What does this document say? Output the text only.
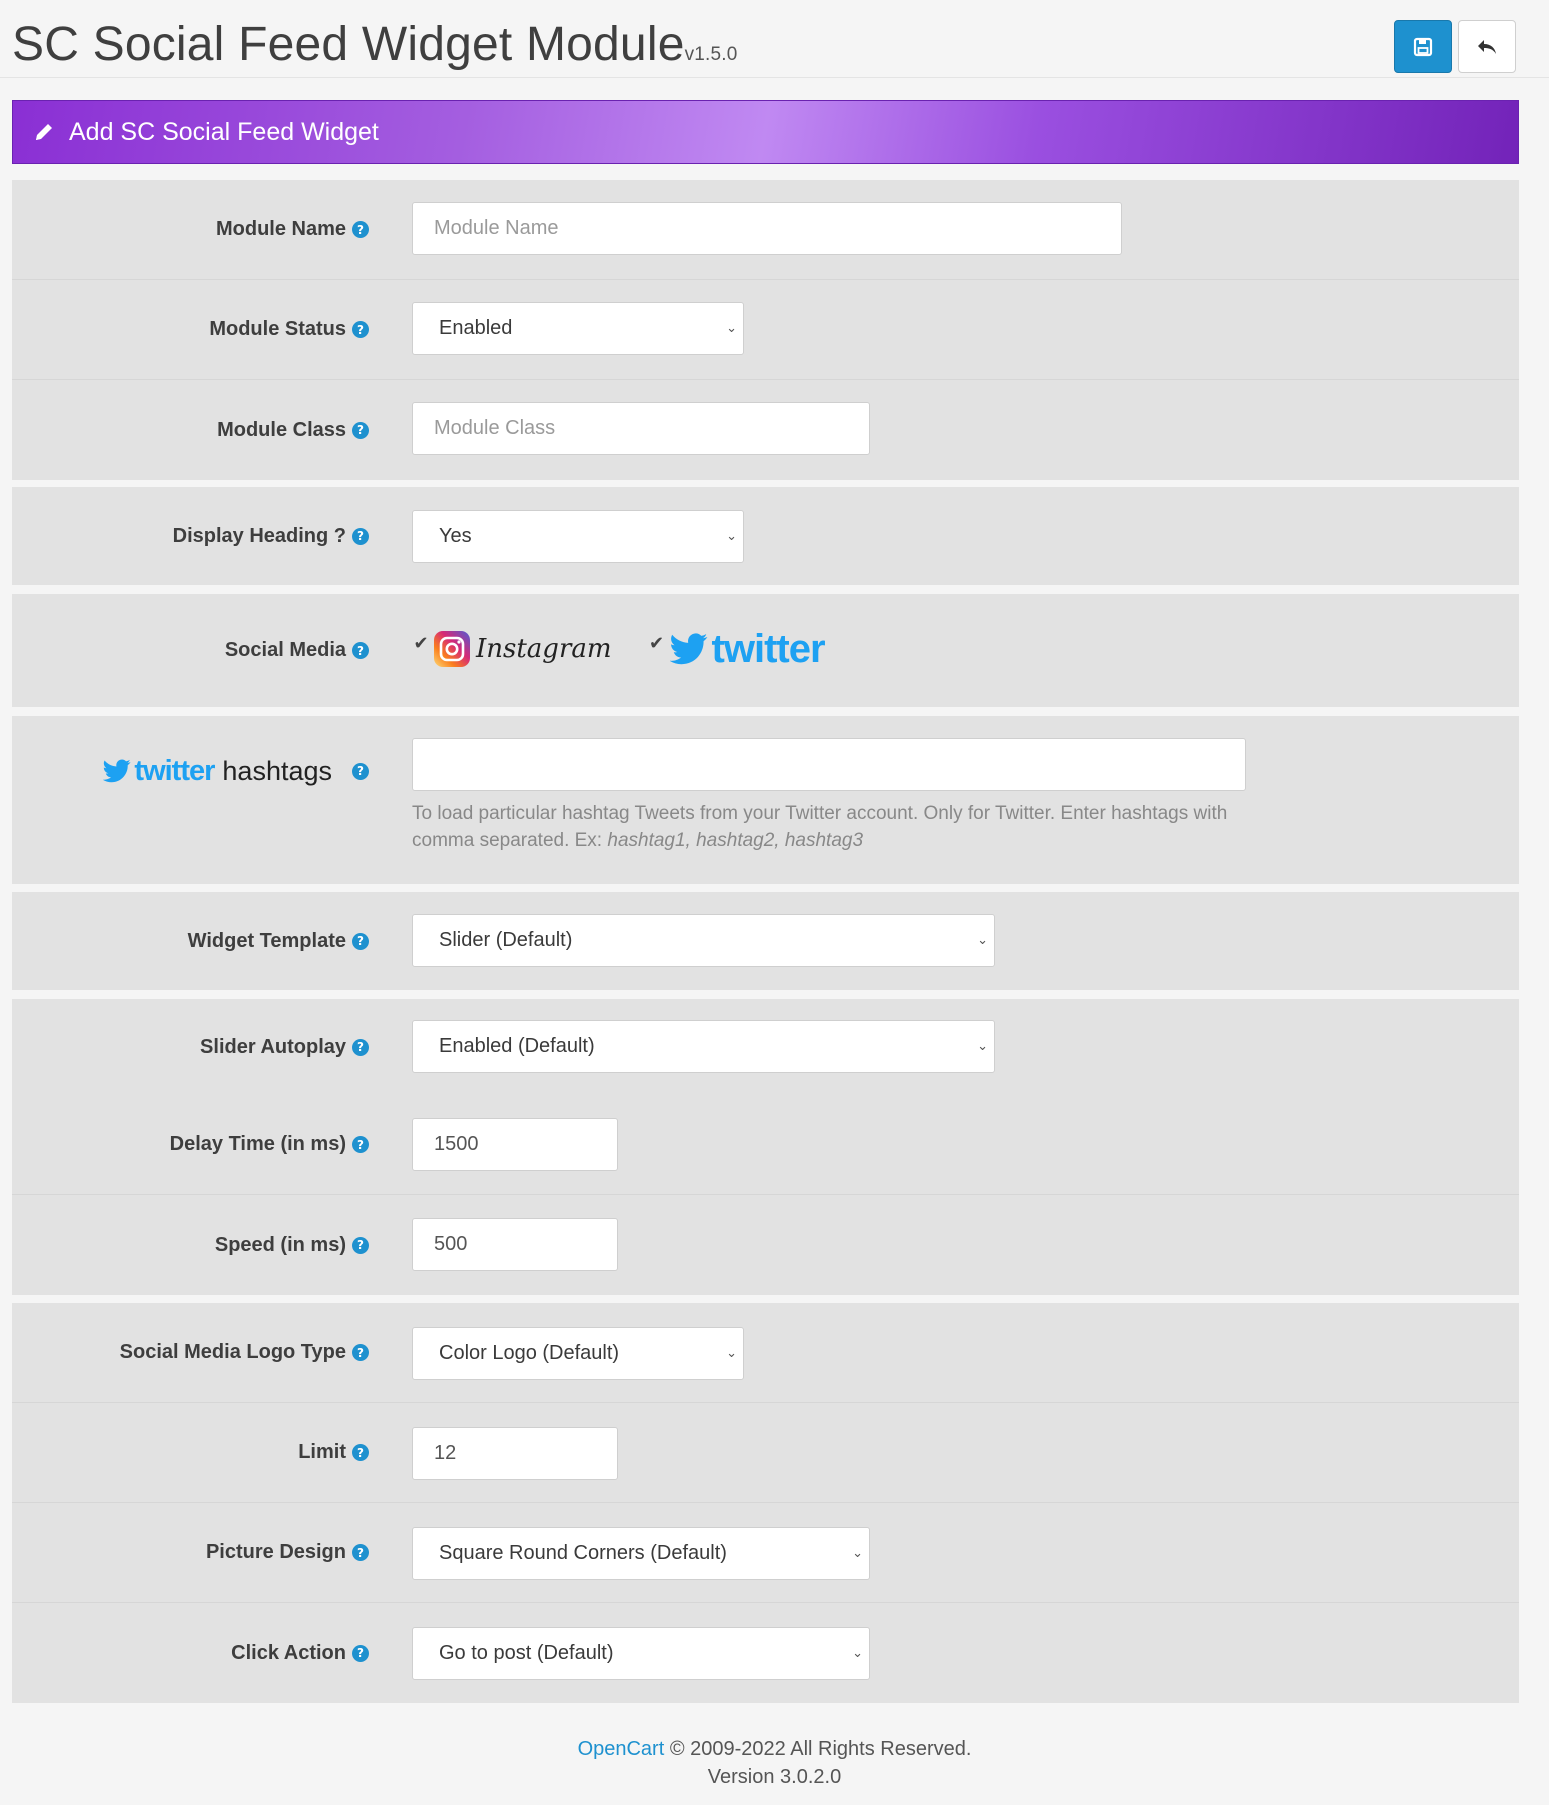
SC Social Feed Widget Modulev1.5.0
Add SC Social Feed Widget
Module Name ?	Module Name
Module Status ?	Enabled	⌄
Module Class ?	Module Class
Display Heading ? ?	Yes	⌄
Social Media ?	✔ Instagram ✔ twitter
twitter hashtags	?
To load particular hashtag Tweets from your Twitter account. Only for Twitter. Enter hashtags with comma separated. Ex: hashtag1, hashtag2, hashtag3
Widget Template ?	Slider (Default)	⌄
Slider Autoplay ?	Enabled (Default)	⌄
Delay Time (in ms) ?	1500
Speed (in ms) ?	500
Social Media Logo Type ?	Color Logo (Default)	⌄
Limit ?	12
Picture Design ?	Square Round Corners (Default)	⌄
Click Action ?	Go to post (Default)	⌄
OpenCart © 2009-2022 All Rights Reserved.
Version 3.0.2.0
